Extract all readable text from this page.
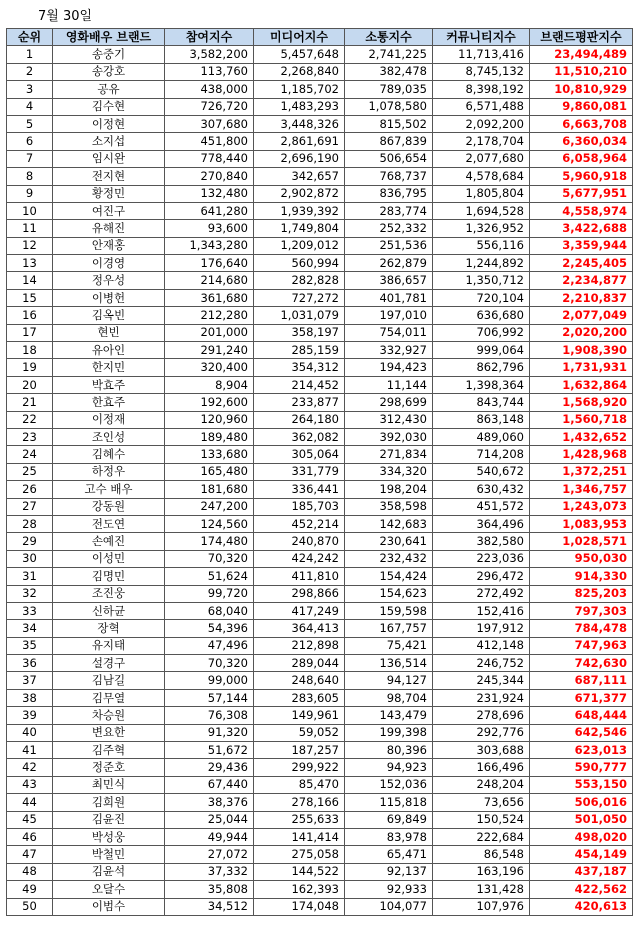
7월 30일
순위	영화배우 브랜드	참여지수	미디어지수	소통지수	커뮤니티지수	브랜드평판지수
1	송중기	3,582,200	5,457,648	2,741,225	11,713,416	23,494,489
2	송강호	113,760	2,268,840	382,478	8,745,132	11,510,210
3	공유	438,000	1,185,702	789,035	8,398,192	10,810,929
4	김수현	726,720	1,483,293	1,078,580	6,571,488	9,860,081
5	이정현	307,680	3,448,326	815,502	2,092,200	6,663,708
6	소지섭	451,800	2,861,691	867,839	2,178,704	6,360,034
7	임시완	778,440	2,696,190	506,654	2,077,680	6,058,964
8	전지현	270,840	342,657	768,737	4,578,684	5,960,918
9	황정민	132,480	2,902,872	836,795	1,805,804	5,677,951
10	여진구	641,280	1,939,392	283,774	1,694,528	4,558,974
11	유해진	93,600	1,749,804	252,332	1,326,952	3,422,688
12	안재홍	1,343,280	1,209,012	251,536	556,116	3,359,944
13	이경영	176,640	560,994	262,879	1,244,892	2,245,405
14	정우성	214,680	282,828	386,657	1,350,712	2,234,877
15	이병헌	361,680	727,272	401,781	720,104	2,210,837
16	김옥빈	212,280	1,031,079	197,010	636,680	2,077,049
17	현빈	201,000	358,197	754,011	706,992	2,020,200
18	유아인	291,240	285,159	332,927	999,064	1,908,390
19	한지민	320,400	354,312	194,423	862,796	1,731,931
20	박효주	8,904	214,452	11,144	1,398,364	1,632,864
21	한효주	192,600	233,877	298,699	843,744	1,568,920
22	이정재	120,960	264,180	312,430	863,148	1,560,718
23	조인성	189,480	362,082	392,030	489,060	1,432,652
24	김혜수	133,680	305,064	271,834	714,208	1,428,968
25	하정우	165,480	331,779	334,320	540,672	1,372,251
26	고수 배우	181,680	336,441	198,204	630,432	1,346,757
27	강동원	247,200	185,703	358,598	451,572	1,243,073
28	전도연	124,560	452,214	142,683	364,496	1,083,953
29	손예진	174,480	240,870	230,641	382,580	1,028,571
30	이성민	70,320	424,242	232,432	223,036	950,030
31	김명민	51,624	411,810	154,424	296,472	914,330
32	조진웅	99,720	298,866	154,623	272,492	825,203
33	신하균	68,040	417,249	159,598	152,416	797,303
34	장혁	54,396	364,413	167,757	197,912	784,478
35	유지태	47,496	212,898	75,421	412,148	747,963
36	설경구	70,320	289,044	136,514	246,752	742,630
37	김남길	99,000	248,640	94,127	245,344	687,111
38	김무열	57,144	283,605	98,704	231,924	671,377
39	차승원	76,308	149,961	143,479	278,696	648,444
40	변요한	91,320	59,052	199,398	292,776	642,546
41	김주혁	51,672	187,257	80,396	303,688	623,013
42	정준호	29,436	299,922	94,923	166,496	590,777
43	최민식	67,440	85,470	152,036	248,204	553,150
44	김희원	38,376	278,166	115,818	73,656	506,016
45	김윤진	25,044	255,633	69,849	150,524	501,050
46	박성웅	49,944	141,414	83,978	222,684	498,020
47	박철민	27,072	275,058	65,471	86,548	454,149
48	김윤석	37,332	144,522	92,137	163,196	437,187
49	오달수	35,808	162,393	92,933	131,428	422,562
50	이범수	34,512	174,048	104,077	107,976	420,613
